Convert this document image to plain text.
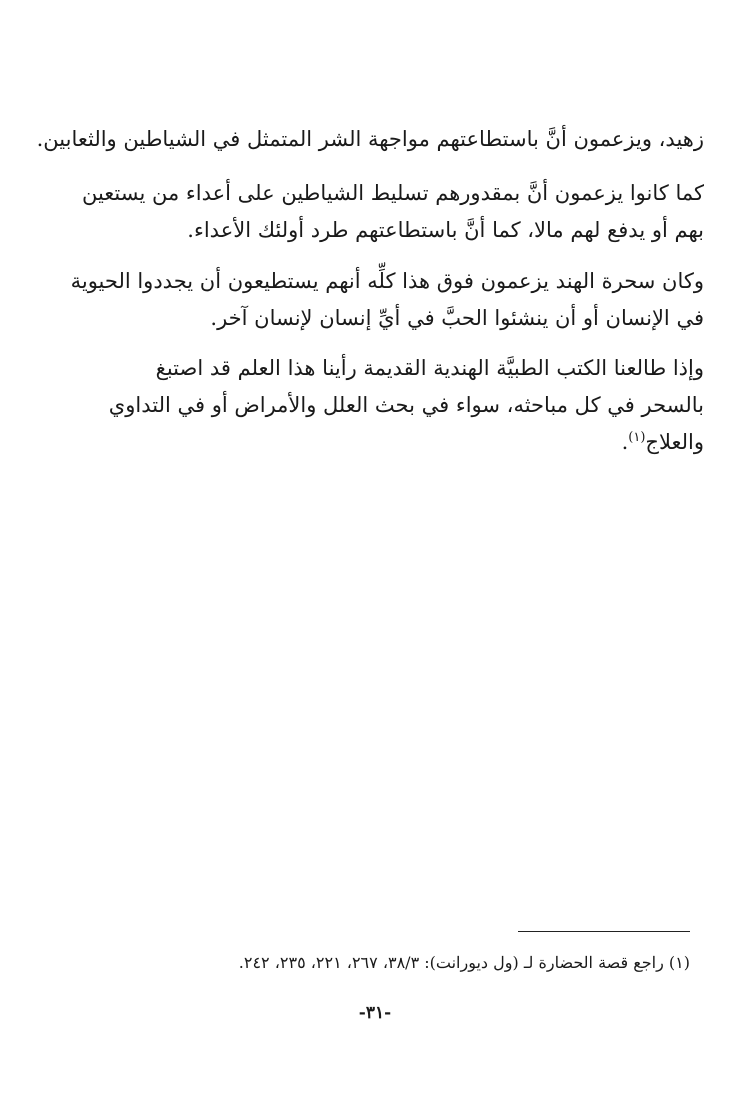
زهيد، ويزعمون أنَّ باستطاعتهم مواجهة الشر المتمثل في الشياطين والثعابين.
كما كانوا يزعمون أنَّ بمقدورهم تسليط الشياطين على أعداء من يستعين
بهم أو يدفع لهم مالا، كما أنَّ باستطاعتهم طرد أولئك الأعداء.
وكان سحرة الهند يزعمون فوق هذا كلِّه أنهم يستطيعون أن يجددوا الحيوية
في الإنسان أو أن ينشئوا الحبَّ في أيِّ إنسان لإنسان آخر.
وإذا طالعنا الكتب الطبيَّة الهندية القديمة رأينا هذا العلم قد اصتبغ
بالسحر في كل مباحثه، سواء في بحث العلل والأمراض أو في التداوي
والعلاج$^{(١)}$.
(١) راجع قصة الحضارة لـ (ول ديورانت): ٣٨/٣، ٢٦٧، ٢٢١، ٢٣٥، ٢٤٢.
-٣١-
